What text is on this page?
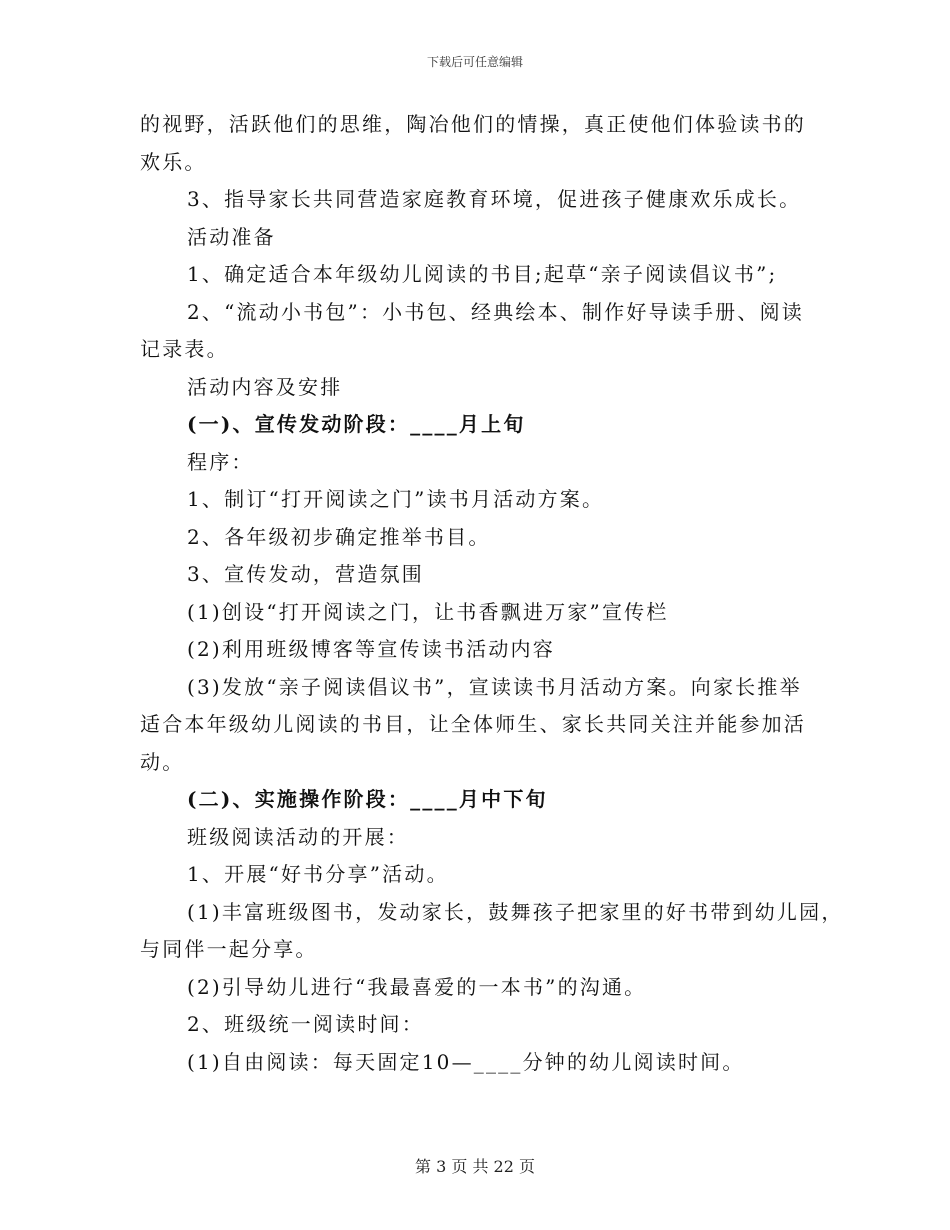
下载后可任意编辑
的视野，活跃他们的思维，陶冶他们的情操，真正使他们体验读书的
欢乐。
3、指导家长共同营造家庭教育环境，促进孩子健康欢乐成长。
活动准备
1、确定适合本年级幼儿阅读的书目;起草“亲子阅读倡议书”;
2、“流动小书包”：小书包、经典绘本、制作好导读手册、阅读
记录表。
活动内容及安排
(一)、宣传发动阶段：____月上旬
程序：
1、制订“打开阅读之门”读书月活动方案。
2、各年级初步确定推举书目。
3、宣传发动，营造氛围
(1)创设“打开阅读之门，让书香飘进万家”宣传栏
(2)利用班级博客等宣传读书活动内容
(3)发放“亲子阅读倡议书”，宣读读书月活动方案。向家长推举
适合本年级幼儿阅读的书目，让全体师生、家长共同关注并能参加活
动。
(二)、实施操作阶段：____月中下旬
班级阅读活动的开展：
1、开展“好书分享”活动。
(1)丰富班级图书，发动家长，鼓舞孩子把家里的好书带到幼儿园，
与同伴一起分享。
(2)引导幼儿进行“我最喜爱的一本书”的沟通。
2、班级统一阅读时间：
(1)自由阅读：每天固定10—____分钟的幼儿阅读时间。
第 3 页 共 22 页
